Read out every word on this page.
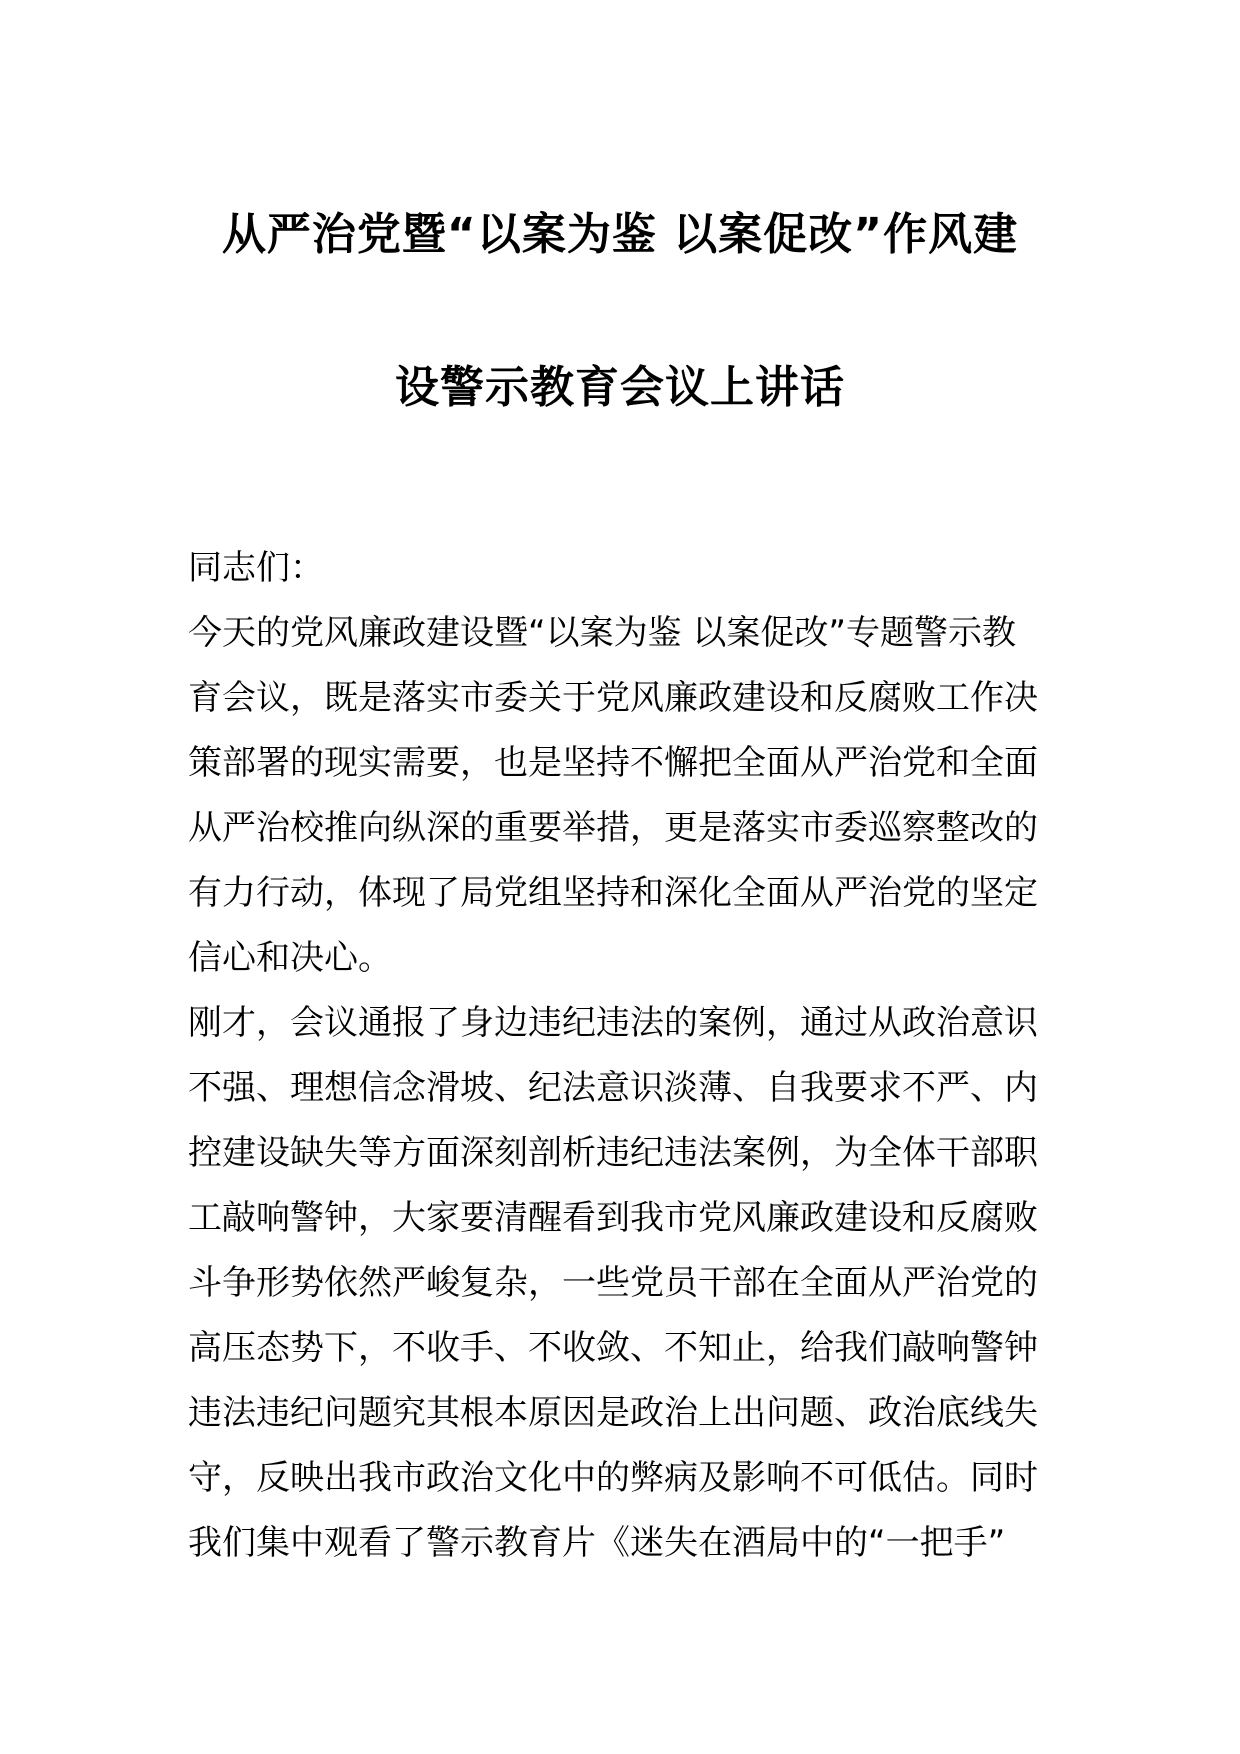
从严治党暨“以案为鉴 以案促改”作风建
设警示教育会议上讲话
同志们：
今天的党风廉政建设暨“以案为鉴 以案促改”专题警示教
育会议，既是落实市委关于党风廉政建设和反腐败工作决
策部署的现实需要，也是坚持不懈把全面从严治党和全面
从严治校推向纵深的重要举措，更是落实市委巡察整改的
有力行动，体现了局党组坚持和深化全面从严治党的坚定
信心和决心。
刚才，会议通报了身边违纪违法的案例，通过从政治意识
不强、理想信念滑坡、纪法意识淡薄、自我要求不严、内
控建设缺失等方面深刻剖析违纪违法案例，为全体干部职
工敲响警钟，大家要清醒看到我市党风廉政建设和反腐败
斗争形势依然严峻复杂，一些党员干部在全面从严治党的
高压态势下，不收手、不收敛、不知止，给我们敲响警钟
违法违纪问题究其根本原因是政治上出问题、政治底线失
守，反映出我市政治文化中的弊病及影响不可低估。同时
我们集中观看了警示教育片《迷失在酒局中的“一把手”
